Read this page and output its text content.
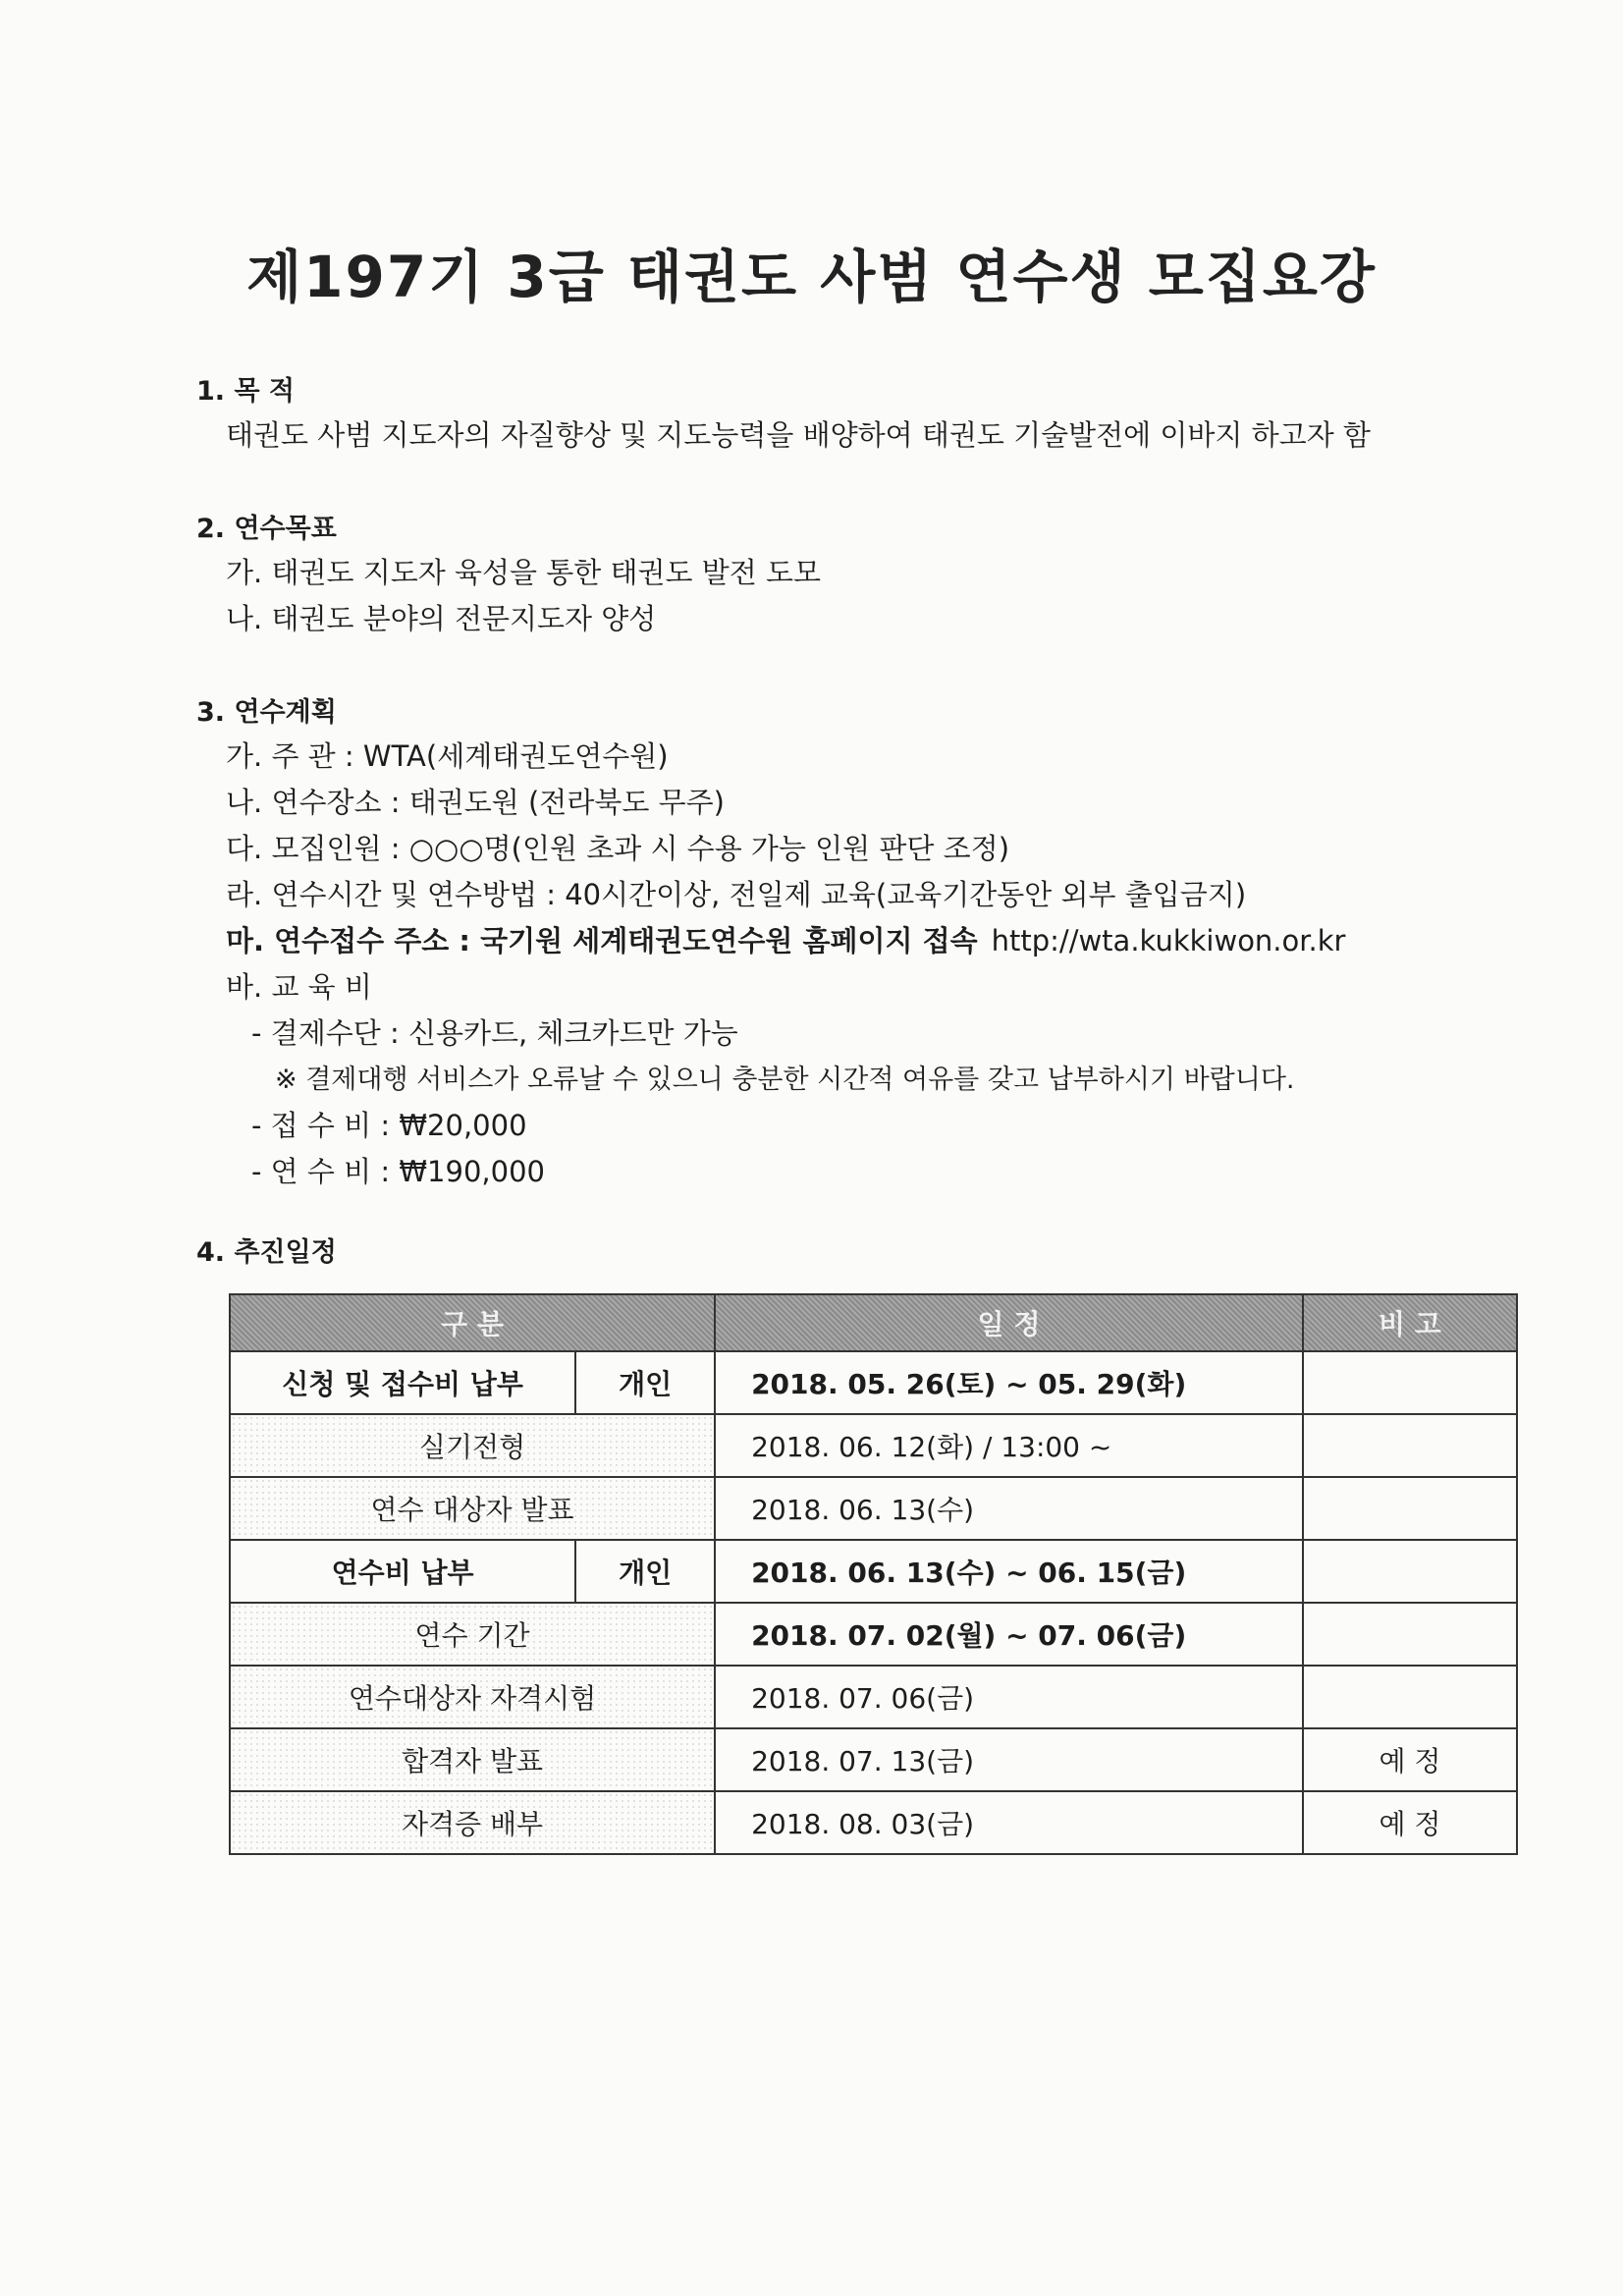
제197기 3급 태권도 사범 연수생 모집요강
1. 목 적
태권도 사범 지도자의 자질향상 및 지도능력을 배양하여 태권도 기술발전에 이바지 하고자 함
2. 연수목표
가. 태권도 지도자 육성을 통한 태권도 발전 도모
나. 태권도 분야의 전문지도자 양성
3. 연수계획
가. 주 관 : WTA(세계태권도연수원)
나. 연수장소 : 태권도원 (전라북도 무주)
다. 모집인원 : ○○○명(인원 초과 시 수용 가능 인원 판단 조정)
라. 연수시간 및 연수방법 : 40시간이상, 전일제 교육(교육기간동안 외부 출입금지)
마. 연수접수 주소 : 국기원 세계태권도연수원 홈페이지 접속 http://wta.kukkiwon.or.kr
바. 교 육 비
- 결제수단 : 신용카드, 체크카드만 가능
※ 결제대행 서비스가 오류날 수 있으니 충분한 시간적 여유를 갖고 납부하시기 바랍니다.
- 접 수 비 : ₩20,000
- 연 수 비 : ₩190,000
4. 추진일정
구 분		일 정	비 고
신청 및 접수비 납부	개인	2018. 05. 26(토) ~ 05. 29(화)	
실기전형		2018. 06. 12(화) / 13:00 ~	
연수 대상자 발표		2018. 06. 13(수)	
연수비 납부	개인	2018. 06. 13(수) ~ 06. 15(금)	
연수 기간		2018. 07. 02(월) ~ 07. 06(금)	
연수대상자 자격시험		2018. 07. 06(금)	
합격자 발표		2018. 07. 13(금)	예 정
자격증 배부		2018. 08. 03(금)	예 정
